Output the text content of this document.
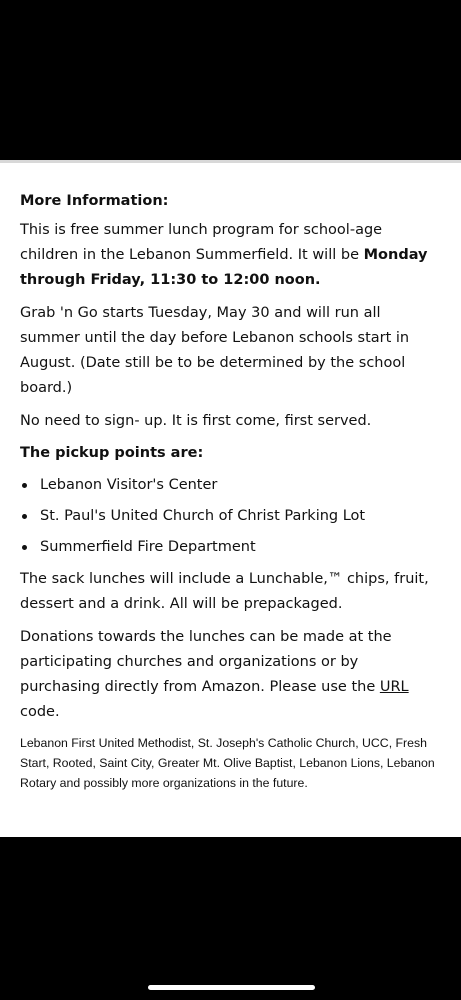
More Information:
This is free summer lunch program for school-age children in the Lebanon Summerfield. It will be Monday through Friday, 11:30 to 12:00 noon.
Grab 'n Go starts Tuesday, May 30 and will run all summer until the day before Lebanon schools start in August. (Date still be to be determined by the school board.)
No need to sign- up. It is first come, first served.
The pickup points are:
Lebanon Visitor's Center
St. Paul's United Church of Christ Parking Lot
Summerfield Fire Department
The sack lunches will include a Lunchable,™ chips, fruit, dessert and a drink. All will be prepackaged.
Donations towards the lunches can be made at the participating churches and organizations or by purchasing directly from Amazon. Please use the URL code.
Lebanon First United Methodist, St. Joseph's Catholic Church, UCC, Fresh Start, Rooted, Saint City, Greater Mt. Olive Baptist, Lebanon Lions, Lebanon Rotary and possibly more organizations in the future.
